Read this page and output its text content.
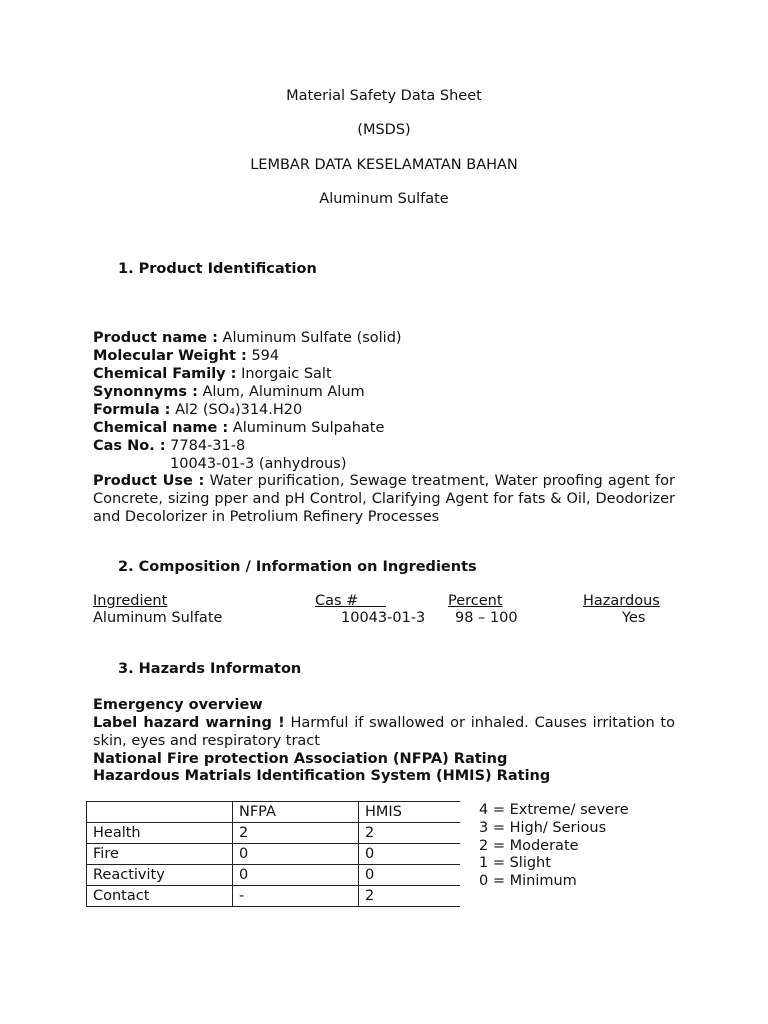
Material Safety Data Sheet
(MSDS)
LEMBAR DATA KESELAMATAN BAHAN
Aluminum Sulfate
1. Product Identification
Product name : Aluminum Sulfate (solid)
Molecular Weight : 594
Chemical Family : Inorgaic Salt
Synonnyms : Alum, Aluminum Alum
Formula : Al2 (SO₄)314.H20
Chemical name : Aluminum Sulpahate
Cas No. : 7784-31-8
10043-01-3 (anhydrous)
Product Use : Water purification, Sewage treatment, Water proofing agent for Concrete, sizing pper and pH Control, Clarifying Agent for fats & Oil, Deodorizer and Decolorizer in Petrolium Refinery Processes
2. Composition / Information on Ingredients
Ingredient	Cas #	Percent	Hazardous
Aluminum Sulfate	10043-01-3 98 – 100	Yes
3. Hazards Informaton
Emergency overview
Label hazard warning ! Harmful if swallowed or inhaled. Causes irritation to skin, eyes and respiratory tract
National Fire protection Association (NFPA) Rating
Hazardous Matrials Identification System (HMIS) Rating
	NFPA	HMIS
Health	2	2
Fire	0	0
Reactivity	0	0
Contact	-	2
4 = Extreme/ severe
3 = High/ Serious
2 = Moderate
1 = Slight
0 = Minimum
